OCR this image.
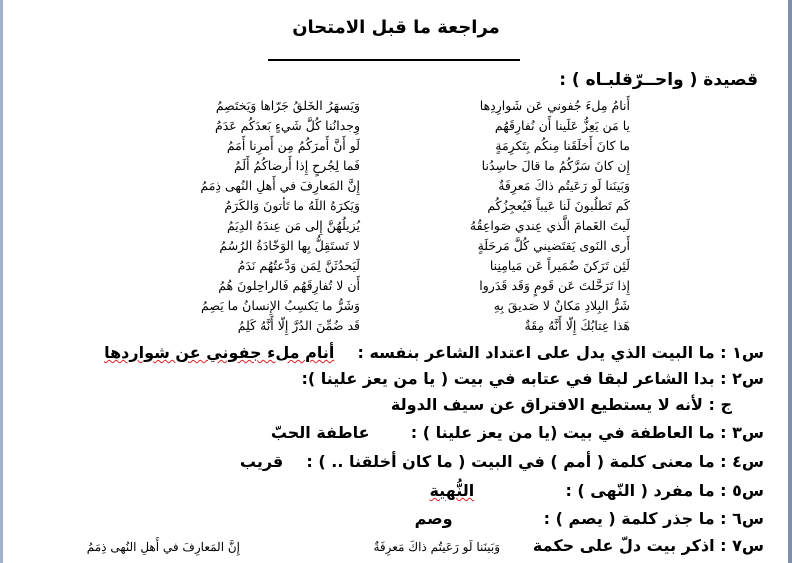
مراجعة ما قبل الامتحان
قصيدة ( واحــرّقلبـاه ) :
أَنامُ مِلءَ جُفوني عَن شَوارِدِها
وَيَسهَرُ الخَلقُ جَرّاها وَيَختَصِمُ
يا مَن يَعِزُّ عَلَينا أَن نُفارِقَهُم
وِجدانُنا كُلَّ شَيءٍ بَعدَكُم عَدَمُ
ما كانَ أَخلَقَنا مِنكُم بِتَكرِمَةٍ
لَو أَنَّ أَمرَكُمُ مِن أَمرِنا أَمَمُ
إِن كانَ سَرَّكُمُ ما قالَ حاسِدُنا
فَما لِجُرحٍ إِذا أَرضاكُمُ أَلَمُ
وَبَينَنا لَو رَعَيتُم ذاكَ مَعرِفَةٌ
إِنَّ المَعارِفَ في أَهلِ النُهى ذِمَمُ
كَم تَطلُبونَ لَنا عَيباً فَيُعجِزُكُم
وَيَكرَهُ اللَهُ ما تَأتونَ وَالكَرَمُ
لَيتَ الغَمامَ الَّذي عِندي صَواعِقُهُ
يُزيلُهُنَّ إِلى مَن عِندَهُ الدِيَمُ
أَرى النَوى يَقتَضيني كُلَّ مَرحَلَةٍ
لا تَستَقِلُّ بِها الوَخّادَةُ الرُسُمُ
لَئِن تَرَكنَ ضُمَيراً عَن مَيامِنِنا
لَيَحدُثَنَّ لِمَن وَدَّعتُهُم نَدَمُ
إِذا تَرَحَّلتَ عَن قَومٍ وَقَد قَدَروا
أَن لا تُفارِقَهُم فَالراحِلونَ هُمُ
شَرُّ البِلادِ مَكانٌ لا صَديقَ بِهِ
وَشَرُّ ما يَكسِبُ الإِنسانُ ما يَصِمُ
هَذا عِتابُكَ إِلّا أَنَّهُ مِقَةٌ
قَد ضُمِّنَ الدُرَّ إِلّا أَنَّهُ كَلِمُ
س١ : ما البيت الذي يدل على اعتداد الشاعر بنفسه :  أنام ملء جفوني عن شواردها
س٢ : بدا الشاعر لبقا في عتابه في بيت ( يا من يعز علينا ):
ج : لأنه لا يستطيع الافتراق عن سيف الدولة
س٣ : ما العاطفة في بيت (يا من يعز علينا ) :  عاطفة الحبّ
س٤ : ما معنى كلمة ( أمم ) في البيت ( ما كان أخلقنا .. ) :  قريب
س٥ : ما مفرد ( النّهى ) :  النُّهية
س٦ : ما جذر كلمة ( يصم ) :  وصم
س٧ : اذكر بيت دلّ على حكمة
وَبَينَنا لَو رَعَيتُم ذاكَ مَعرِفَةٌ
إِنَّ المَعارِفَ في أَهلِ النُهى ذِمَمُ
